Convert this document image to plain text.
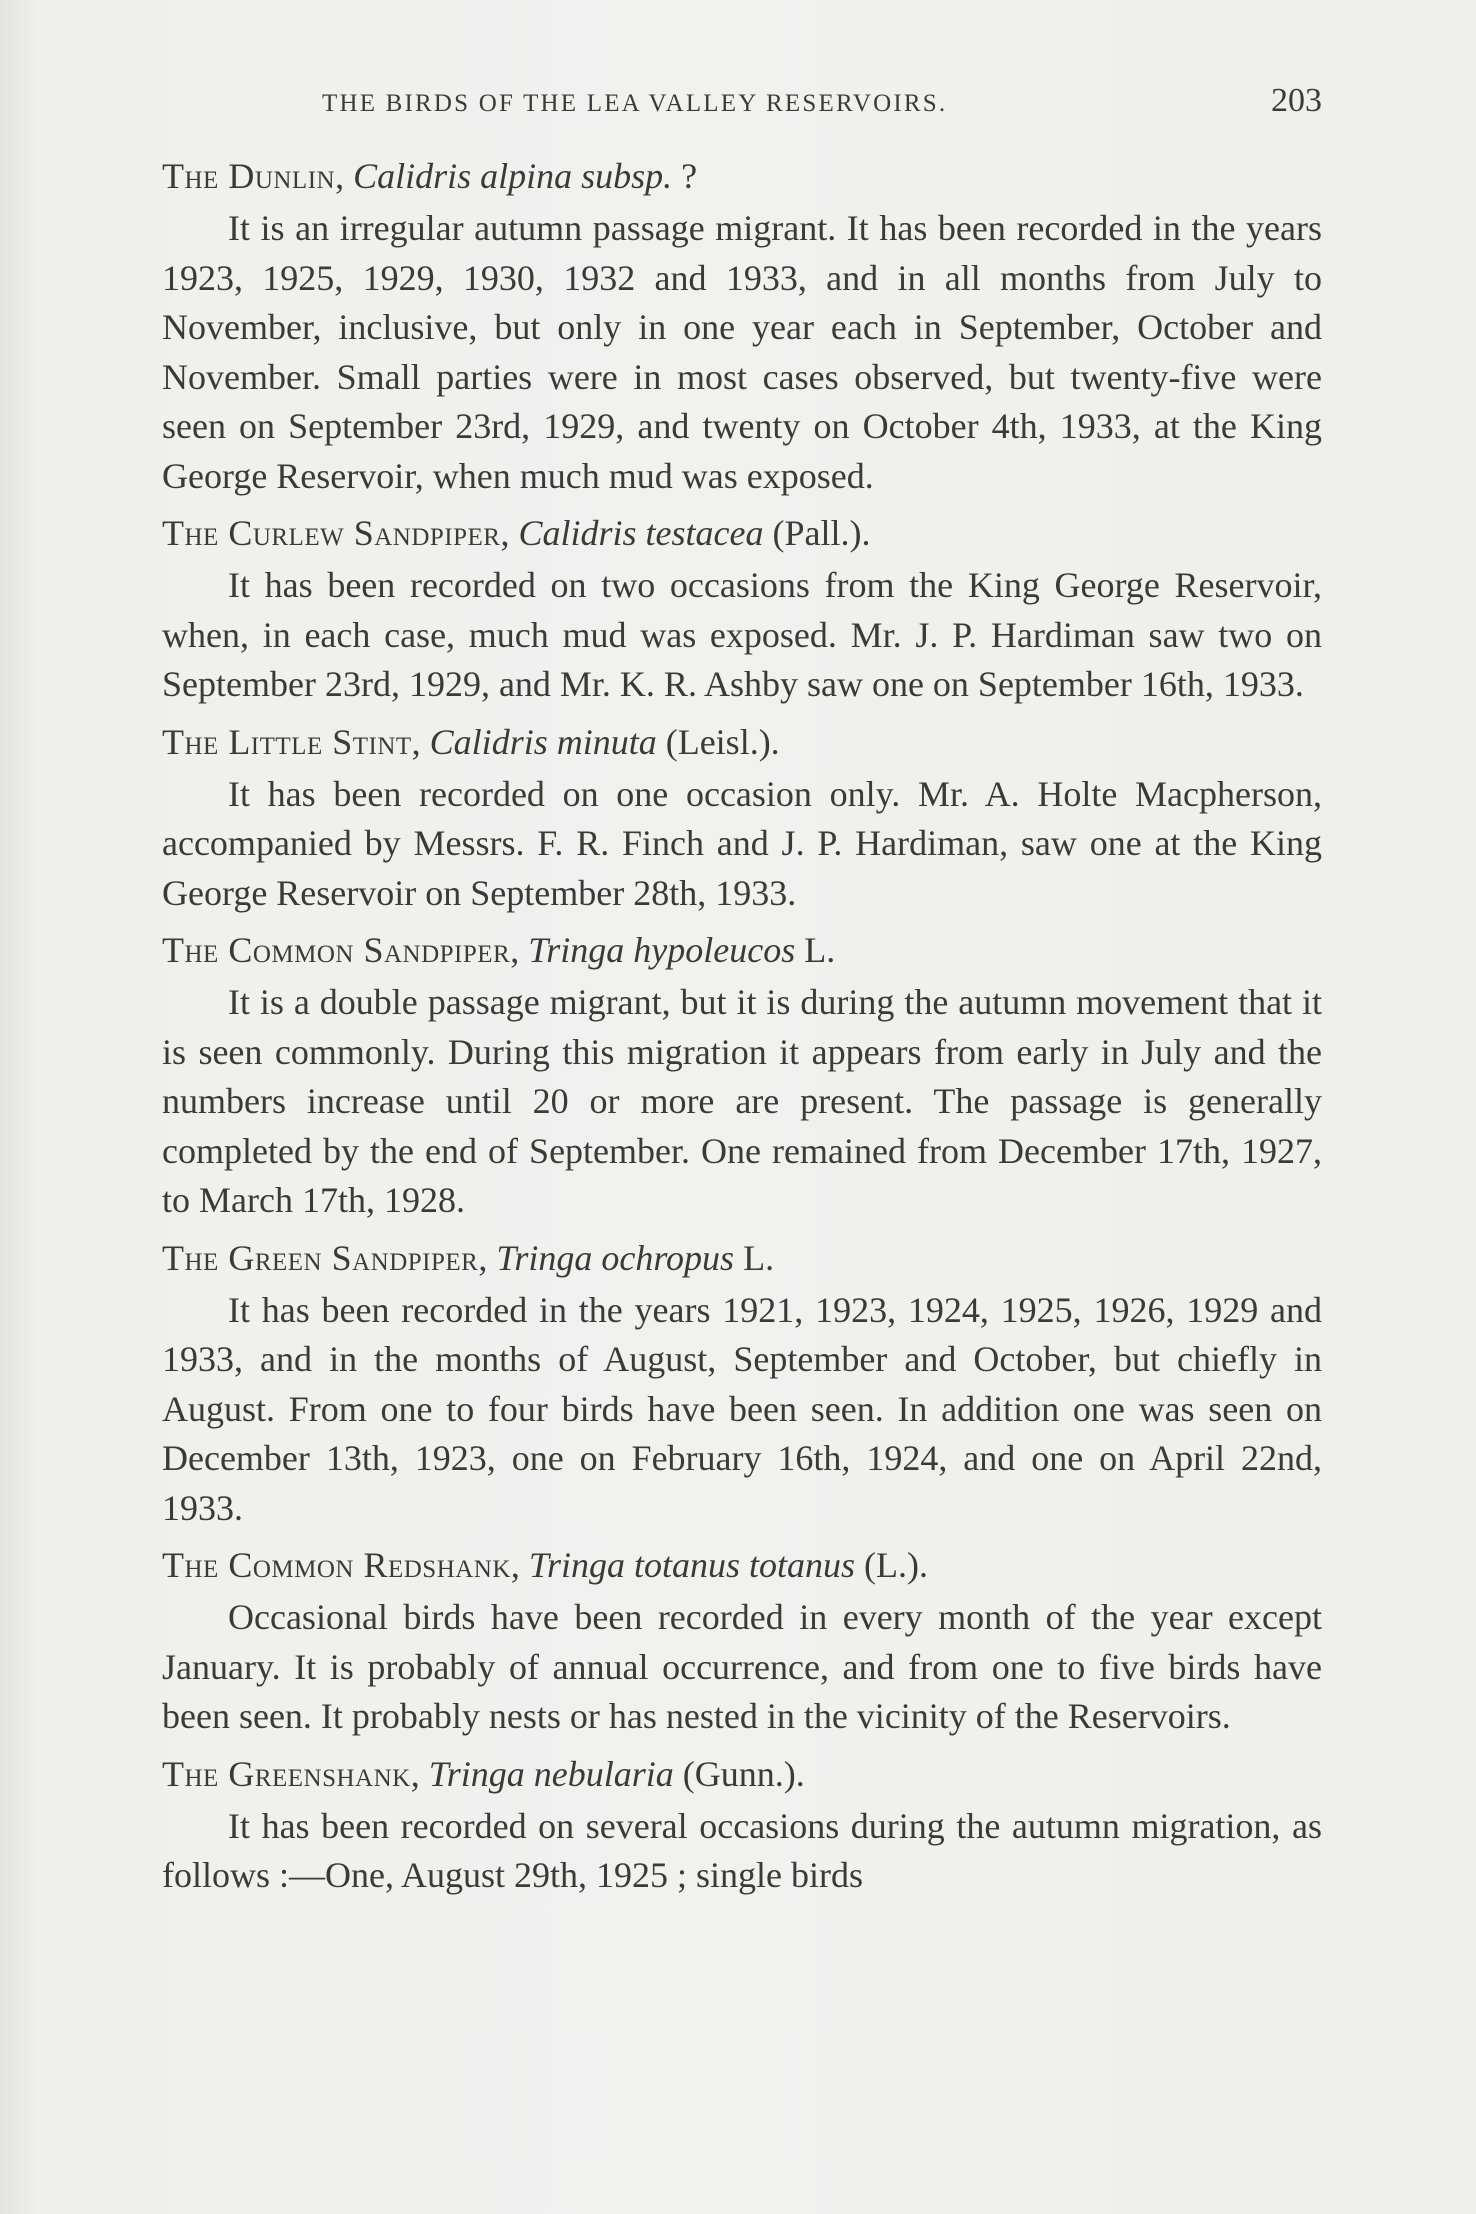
THE BIRDS OF THE LEA VALLEY RESERVOIRS.	203
The Dunlin, Calidris alpina subsp. ?

It is an irregular autumn passage migrant. It has been recorded in the years 1923, 1925, 1929, 1930, 1932 and 1933, and in all months from July to November, inclusive, but only in one year each in September, October and November. Small parties were in most cases observed, but twenty-five were seen on September 23rd, 1929, and twenty on October 4th, 1933, at the King George Reservoir, when much mud was exposed.

The Curlew Sandpiper, Calidris testacea (Pall.).

It has been recorded on two occasions from the King George Reservoir, when, in each case, much mud was exposed. Mr. J. P. Hardiman saw two on September 23rd, 1929, and Mr. K. R. Ashby saw one on September 16th, 1933.

The Little Stint, Calidris minuta (Leisl.).

It has been recorded on one occasion only. Mr. A. Holte Macpherson, accompanied by Messrs. F. R. Finch and J. P. Hardiman, saw one at the King George Reservoir on September 28th, 1933.

The Common Sandpiper, Tringa hypoleucos L.

It is a double passage migrant, but it is during the autumn movement that it is seen commonly. During this migration it appears from early in July and the numbers increase until 20 or more are present. The passage is generally completed by the end of September. One remained from December 17th, 1927, to March 17th, 1928.

The Green Sandpiper, Tringa ochropus L.

It has been recorded in the years 1921, 1923, 1924, 1925, 1926, 1929 and 1933, and in the months of August, September and October, but chiefly in August. From one to four birds have been seen. In addition one was seen on December 13th, 1923, one on February 16th, 1924, and one on April 22nd, 1933.

The Common Redshank, Tringa totanus totanus (L.).

Occasional birds have been recorded in every month of the year except January. It is probably of annual occurrence, and from one to five birds have been seen. It probably nests or has nested in the vicinity of the Reservoirs.

The Greenshank, Tringa nebularia (Gunn.).

It has been recorded on several occasions during the autumn migration, as follows :—One, August 29th, 1925 ; single birds
